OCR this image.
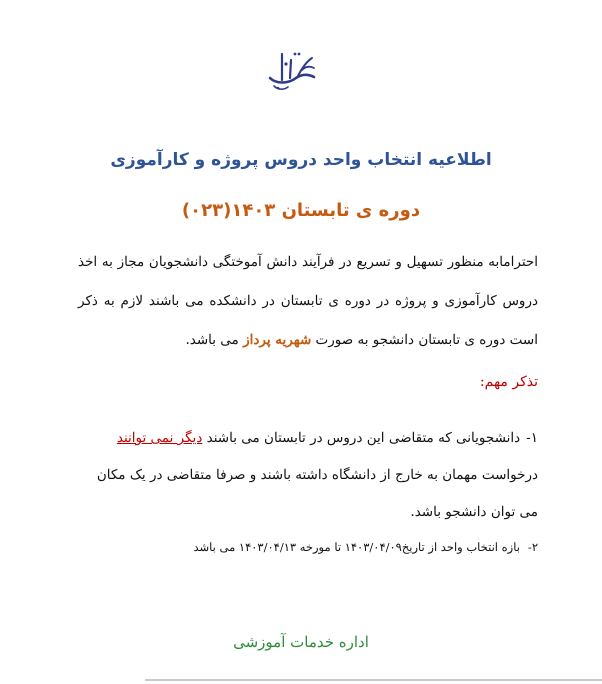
اطلاعیه انتخاب واحد دروس پروژه و کارآموزی
دوره ی تابستان ۱۴۰۳(۰۲۳)

احترامابه منظور تسهیل و تسریع در فرآیند دانش آموختگی دانشجویان مجاز به اخذ دروس کارآموزی و پروژه در دوره ی تابستان در دانشکده می باشند لازم به ذکر است دوره ی تابستان دانشجو به صورت شهریه پرداز می باشد.

تذکر مهم:

۱-دانشجویانی که متقاضی این دروس در تابستان می باشند دیگر نمی توانند درخواست مهمان به خارج از دانشگاه داشته باشند و صرفا متقاضی در یک مکان می توان دانشجو باشد.

۲-بازه انتخاب واحد از تاریخ۱۴۰۳/۰۴/۰۹ تا مورخه ۱۴۰۳/۰۴/۱۳ می باشد

اداره خدمات آموزشی
